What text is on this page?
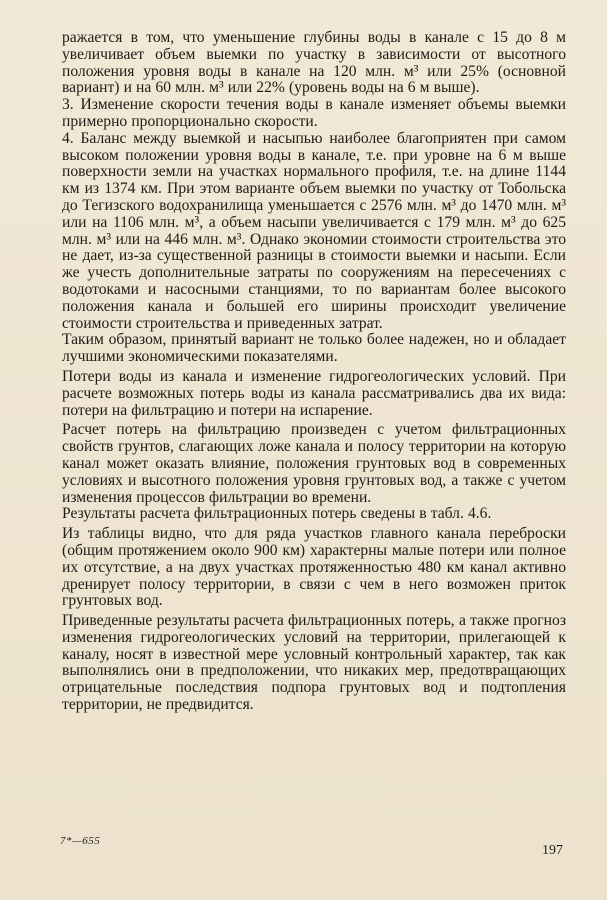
ражается в том, что уменьшение глубины воды в канале с 15 до 8 м увеличивает объем выемки по участку в зависимости от высотного положения уровня воды в канале на 120 млн. м³ или 25% (основной вариант) и на 60 млн. м³ или 22% (уровень воды на 6 м выше).

3. Изменение скорости течения воды в канале изменяет объемы выемки примерно пропорционально скорости.

4. Баланс между выемкой и насыпью наиболее благоприятен при самом высоком положении уровня воды в канале, т.е. при уровне на 6 м выше поверхности земли на участках нормального профиля, т.е. на длине 1144 км из 1374 км. При этом варианте объем выемки по участку от Тобольска до Тегизского водохранилища уменьшается с 2576 млн. м³ до 1470 млн. м³ или на 1106 млн. м³, а объем насыпи увеличивается с 179 млн. м³ до 625 млн. м³ или на 446 млн. м³. Однако экономии стоимости строительства это не дает, из-за существенной разницы в стоимости выемки и насыпи. Если же учесть дополнительные затраты по сооружениям на пересечениях с водотоками и насосными станциями, то по вариантам более высокого положения канала и большей его ширины происходит увеличение стоимости строительства и приведенных затрат.

Таким образом, принятый вариант не только более надежен, но и обладает лучшими экономическими показателями.

Потери воды из канала и изменение гидрогеологических условий. При расчете возможных потерь воды из канала рассматривались два их вида: потери на фильтрацию и потери на испарение.

Расчет потерь на фильтрацию произведен с учетом фильтрационных свойств грунтов, слагающих ложе канала и полосу территории на которую канал может оказать влияние, положения грунтовых вод в современных условиях и высотного положения уровня грунтовых вод, а также с учетом изменения процессов фильтрации во времени.

Результаты расчета фильтрационных потерь сведены в табл. 4.6.

Из таблицы видно, что для ряда участков главного канала переброски (общим протяжением около 900 км) характерны малые потери или полное их отсутствие, а на двух участках протяженностью 480 км канал активно дренирует полосу территории, в связи с чем в него возможен приток грунтовых вод.

Приведенные результаты расчета фильтрационных потерь, а также прогноз изменения гидрогеологических условий на территории, прилегающей к каналу, носят в известной мере условный контрольный характер, так как выполнялись они в предположении, что никаких мер, предотвращающих отрицательные последствия подпора грунтовых вод и подтопления территории, не предвидится.

7*—655
197
